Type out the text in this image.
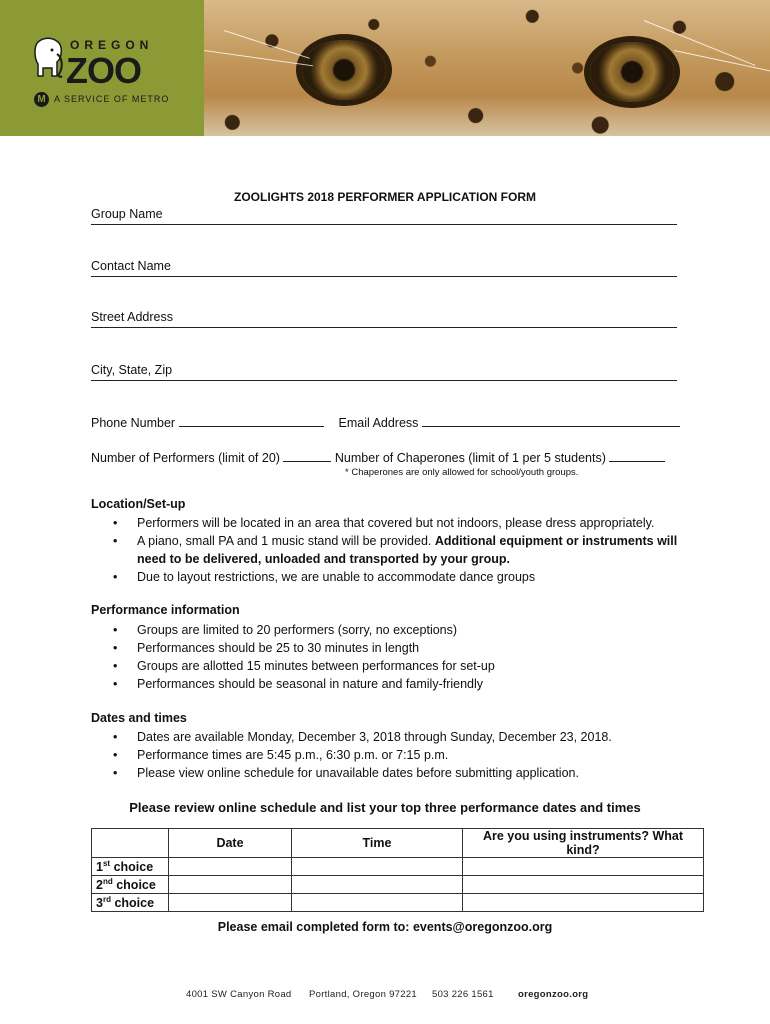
OREGON
ZOO
M A SERVICE OF METRO
ZOOLIGHTS 2018 PERFORMER APPLICATION FORM
Group Name
Contact Name
Street Address
City, State, Zip
Phone Number	Email Address
Number of Performers (limit of 20)	Number of Chaperones (limit of 1 per 5 students)
* Chaperones are only allowed for school/youth groups.
Location/Set-up
• Performers will be located in an area that covered but not indoors, please dress appropriately.
• A piano, small PA and 1 music stand will be provided. Additional equipment or instruments will need to be delivered, unloaded and transported by your group.
• Due to layout restrictions, we are unable to accommodate dance groups
Performance information
• Groups are limited to 20 performers (sorry, no exceptions)
• Performances should be 25 to 30 minutes in length
• Groups are allotted 15 minutes between performances for set-up
• Performances should be seasonal in nature and family-friendly
Dates and times
• Dates are available Monday, December 3, 2018 through Sunday, December 23, 2018.
• Performance times are 5:45 p.m., 6:30 p.m. or 7:15 p.m.
• Please view online schedule for unavailable dates before submitting application.
Please review online schedule and list your top three performance dates and times
	Date	Time	Are you using instruments? What kind?
1st choice			
2nd choice			
3rd choice			
Please email completed form to: events@oregonzoo.org
4001 SW Canyon Road Portland, Oregon 97221 503 226 1561	oregonzoo.org
